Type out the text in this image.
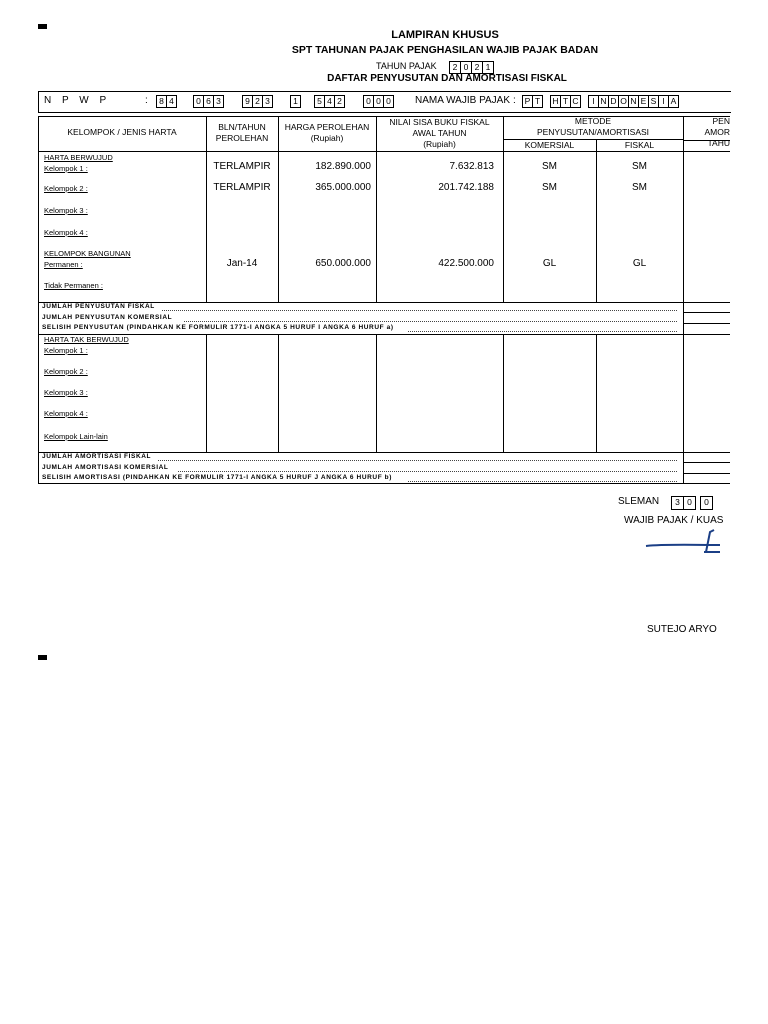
LAMPIRAN KHUSUS
SPT TAHUNAN PAJAK PENGHASILAN WAJIB PAJAK BADAN
TAHUN PAJAK	2 0 2 1
DAFTAR PENYUSUTAN DAN AMORTISASI FISKAL
N P W P	:	8 4	0 6 3	9 2 3	1	5 4 2	0 0 0	NAMA WAJIB PAJAK :	P T	H T C	I N D O N E S I A
KELOMPOK / JENIS HARTA	BLN/TAHUN
PEROLEHAN
HARGA PEROLEHAN
(Rupiah)
NILAI SISA BUKU FISKAL
AWAL TAHUN
(Rupiah)
METODE
PENYUSUTAN/AMORTISASI
KOMERSIAL	FISKAL
PEN
AMOR
TAHU
HARTA BERWUJUD
Kelompok 1 :	TERLAMPIR	182.890.000	7.632.813	SM	SM
Kelompok 2 :	TERLAMPIR	365.000.000	201.742.188	SM	SM
Kelompok 3 :
Kelompok 4 :
KELOMPOK BANGUNAN
Permanen :	Jan-14	650.000.000	422.500.000	GL	GL
Tidak Permanen :
JUMLAH PENYUSUTAN FISKAL
JUMLAH PENYUSUTAN KOMERSIAL
SELISIH PENYUSUTAN (PINDAHKAN KE FORMULIR 1771-I ANGKA 5 HURUF I ANGKA 6 HURUF a)
HARTA TAK BERWUJUD
Kelompok 1 :
Kelompok 2 :
Kelompok 3 :
Kelompok 4 :
Kelompok Lain-lain
JUMLAH AMORTISASI FISKAL
JUMLAH AMORTISASI KOMERSIAL
SELISIH AMORTISASI (PINDAHKAN KE FORMULIR 1771-I ANGKA 5 HURUF J ANGKA 6 HURUF b)
SLEMAN	3 0	0
WAJIB PAJAK / KUAS
SUTEJO ARYO
